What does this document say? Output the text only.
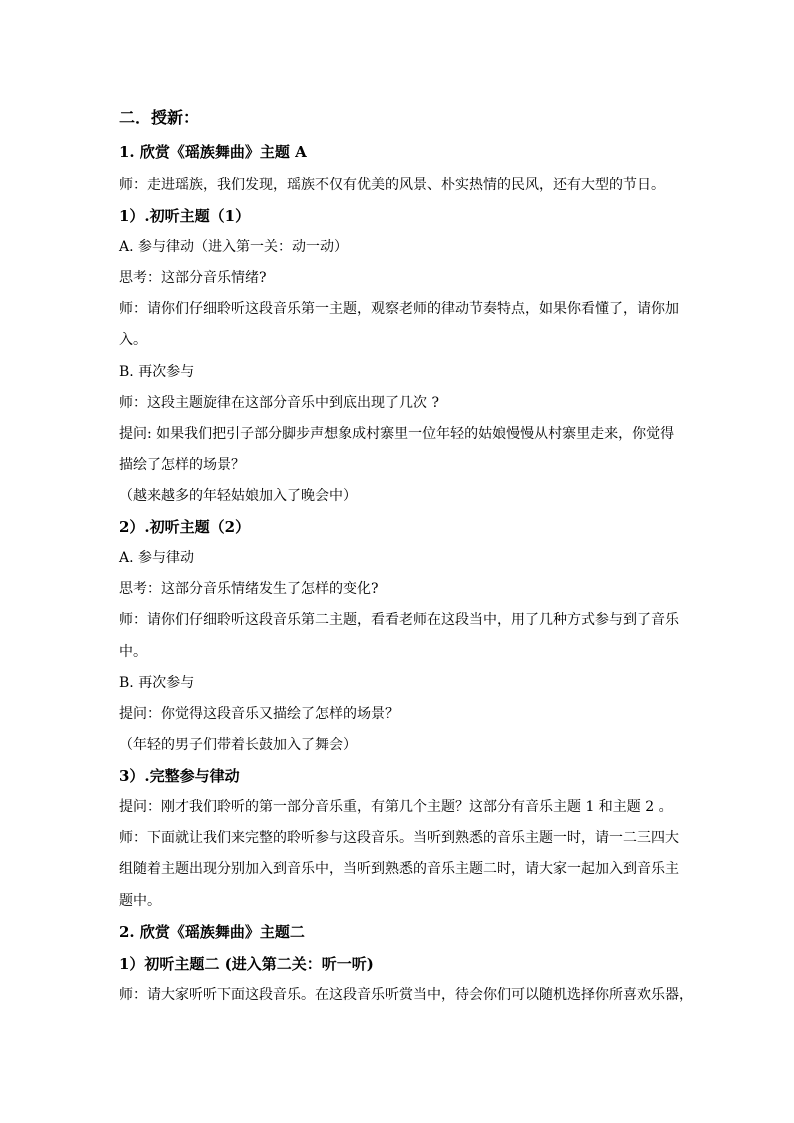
二．授新：
1. 欣赏《瑶族舞曲》主题 A
师：走进瑶族，我们发现，瑶族不仅有优美的风景、朴实热情的民风，还有大型的节日。
1）.初听主题（1）
A. 参与律动（进入第一关：动一动）
思考：这部分音乐情绪?
师：请你们仔细聆听这段音乐第一主题，观察老师的律动节奏特点，如果你看懂了，请你加
入。
B. 再次参与
师：这段主题旋律在这部分音乐中到底出现了几次 ?
提问: 如果我们把引子部分脚步声想象成村寨里一位年轻的姑娘慢慢从村寨里走来，你觉得
描绘了怎样的场景？
（越来越多的年轻姑娘加入了晚会中）
2）.初听主题（2）
A. 参与律动
思考：这部分音乐情绪发生了怎样的变化?
师：请你们仔细聆听这段音乐第二主题，看看老师在这段当中，用了几种方式参与到了音乐
中。
B. 再次参与
提问：你觉得这段音乐又描绘了怎样的场景？
（年轻的男子们带着长鼓加入了舞会）
3）.完整参与律动
提问：刚才我们聆听的第一部分音乐重，有第几个主题？这部分有音乐主题 1 和主题 2 。
师：下面就让我们来完整的聆听参与这段音乐。当听到熟悉的音乐主题一时，请一二三四大
组随着主题出现分别加入到音乐中，当听到熟悉的音乐主题二时，请大家一起加入到音乐主
题中。
2. 欣赏《瑶族舞曲》主题二
1）初听主题二 (进入第二关：听一听)
师：请大家听听下面这段音乐。在这段音乐听赏当中，待会你们可以随机选择你所喜欢乐器，
